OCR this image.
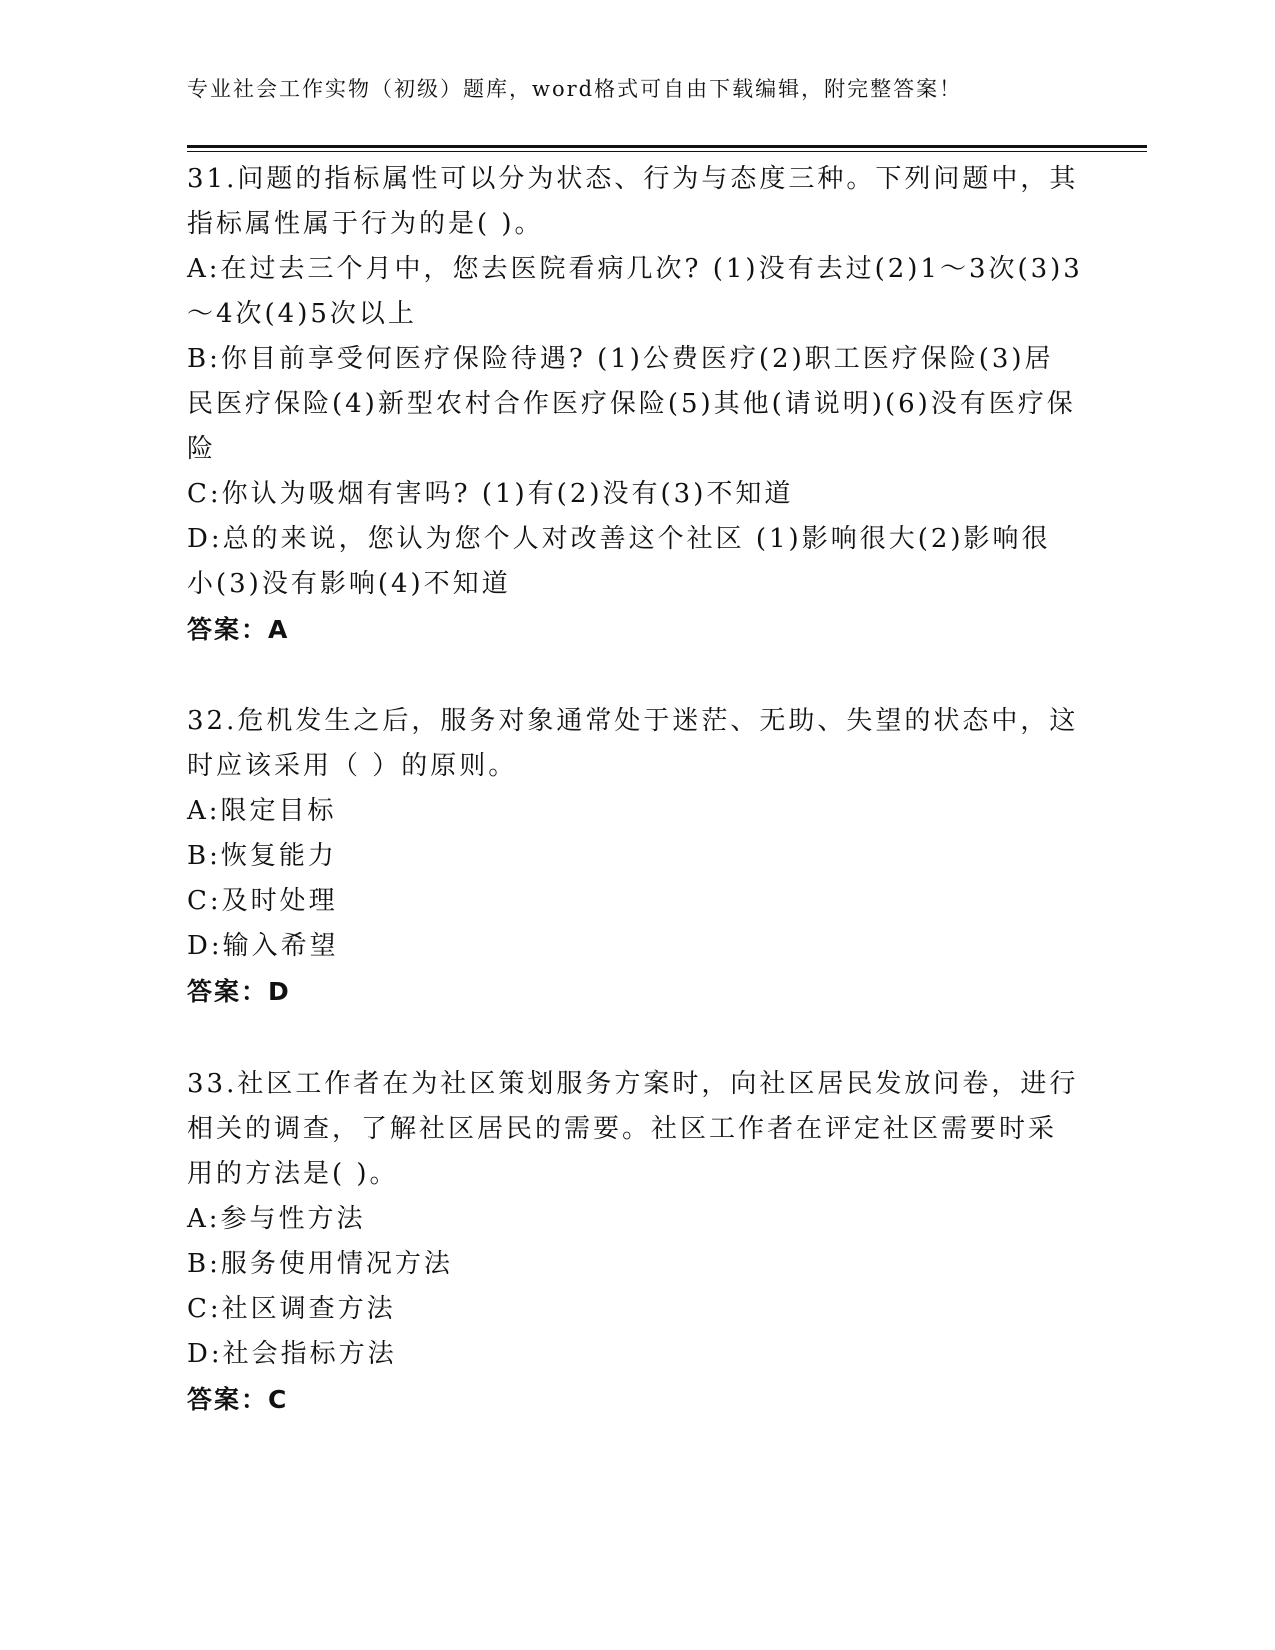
专业社会工作实物（初级）题库，word格式可自由下载编辑，附完整答案！
31.问题的指标属性可以分为状态、行为与态度三种。下列问题中，其
指标属性属于行为的是( )。
A:在过去三个月中，您去医院看病几次? (1)没有去过(2)1～3次(3)3
～4次(4)5次以上
B:你目前享受何医疗保险待遇? (1)公费医疗(2)职工医疗保险(3)居
民医疗保险(4)新型农村合作医疗保险(5)其他(请说明)(6)没有医疗保
险
C:你认为吸烟有害吗? (1)有(2)没有(3)不知道
D:总的来说，您认为您个人对改善这个社区 (1)影响很大(2)影响很
小(3)没有影响(4)不知道
答案：A
32.危机发生之后，服务对象通常处于迷茫、无助、失望的状态中，这
时应该采用（ ）的原则。
A:限定目标
B:恢复能力
C:及时处理
D:输入希望
答案：D
33.社区工作者在为社区策划服务方案时，向社区居民发放问卷，进行
相关的调查，了解社区居民的需要。社区工作者在评定社区需要时采
用的方法是( )。
A:参与性方法
B:服务使用情况方法
C:社区调查方法
D:社会指标方法
答案：C
